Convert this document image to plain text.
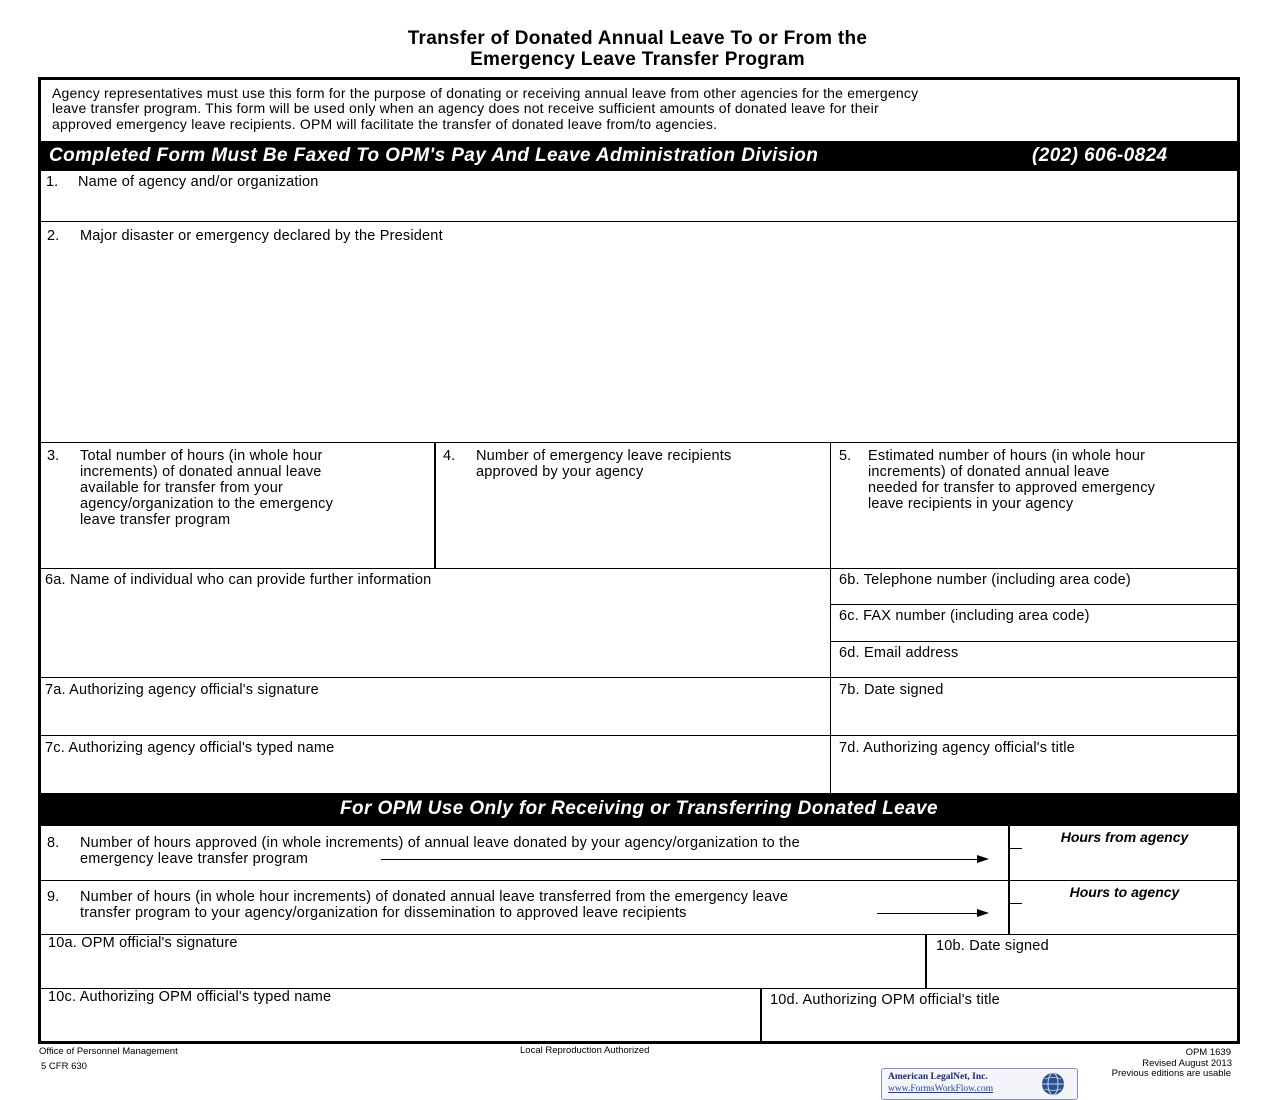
Transfer of Donated Annual Leave To or From the
Emergency Leave Transfer Program
Agency representatives must use this form for the purpose of donating or receiving annual leave from other agencies for the emergency
leave transfer program. This form will be used only when an agency does not receive sufficient amounts of donated leave for their
approved emergency leave recipients. OPM will facilitate the transfer of donated leave from/to agencies.
Completed Form Must Be Faxed To OPM's Pay And Leave Administration Division	(202) 606-0824
1. Name of agency and/or organization
2. Major disaster or emergency declared by the President
3. Total number of hours (in whole hour
increments) of donated annual leave
available for transfer from your
agency/organization to the emergency
leave transfer program
4. Number of emergency leave recipients
approved by your agency
5. Estimated number of hours (in whole hour
increments) of donated annual leave
needed for transfer to approved emergency
leave recipients in your agency
6a. Name of individual who can provide further information	6b. Telephone number (including area code)
6c. FAX number (including area code)
6d. Email address
7a. Authorizing agency official's signature	7b. Date signed
7c. Authorizing agency official's typed name	7d. Authorizing agency official's title
For OPM Use Only for Receiving or Transferring Donated Leave
8. Number of hours approved (in whole increments) of annual leave donated by your agency/organization to the
emergency leave transfer program
Hours from agency
9. Number of hours (in whole hour increments) of donated annual leave transferred from the emergency leave
transfer program to your agency/organization for dissemination to approved leave recipients
Hours to agency
10a. OPM official's signature	10b. Date signed
10c. Authorizing OPM official's typed name	10d. Authorizing OPM official's title
Office of Personnel Management
5 CFR 630
Local Reproduction Authorized	OPM 1639
Revised August 2013
Previous editions are usable
American LegalNet, Inc.
www.FormsWorkFlow.com
